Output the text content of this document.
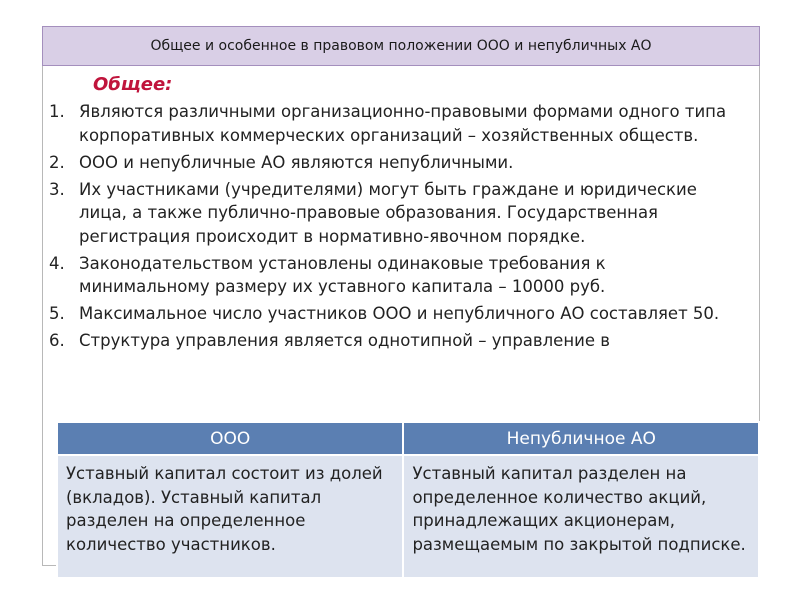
Общее и особенное в правовом положении ООО и непубличных АО
Общее:
1. Являются различными организационно-правовыми формами одного типа корпоративных коммерческих организаций – хозяйственных обществ.
2. ООО и непубличные АО являются непубличными.
3. Их участниками (учредителями) могут быть граждане и юридические лица, а также публично-правовые образования. Государственная регистрация происходит в нормативно-явочном порядке.
4. Законодательством установлены одинаковые требования к минимальному размеру их уставного капитала – 10000 руб.
5. Максимальное число участников ООО и непубличного АО составляет 50.
6. Структура управления является однотипной – управление в
ООО	Непубличное АО
Уставный капитал состоит из долей (вкладов). Уставный капитал разделен на определенное количество участников.	Уставный капитал разделен на определенное количество акций, принадлежащих акционерам, размещаемым по закрытой подписке.
